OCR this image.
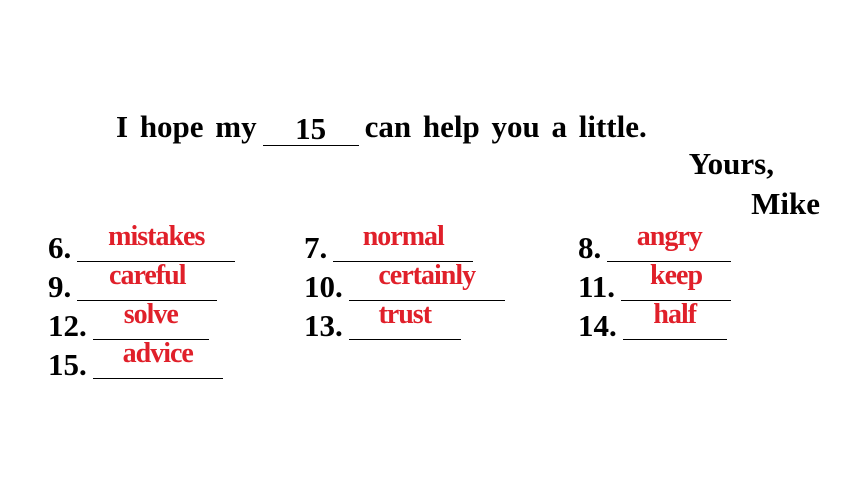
I hope my 15 can help you a little.
Yours,
Mike
6.	mistakes	7.	normal	8.	angry
9.	careful	10.	certainly	11.	keep
12.	solve	13.	trust	14.	half
15.	advice
